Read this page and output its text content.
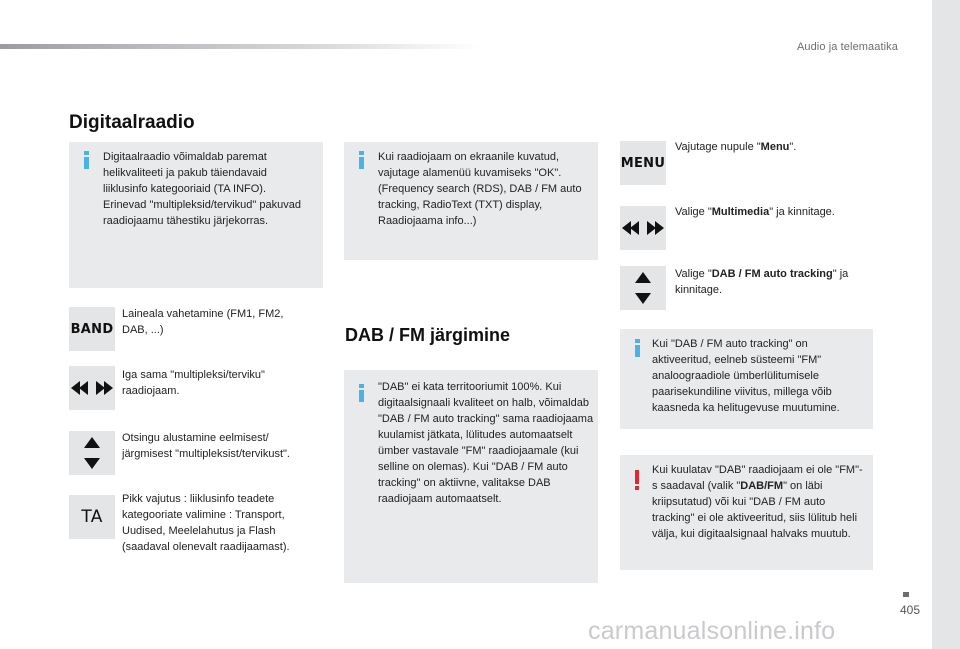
Audio ja telemaatika
Digitaalraadio
Digitaalraadio võimaldab paremat helikvaliteeti ja pakub täiendavaid liiklusinfo kategooriaid (TA INFO). Erinevad "multipleksid/tervikud" pakuvad raadiojaamu tähestiku järjekorras.
Kui raadiojaam on ekraanile kuvatud, vajutage alamenüü kuvamiseks "OK". (Frequency search (RDS), DAB / FM auto tracking, RadioText (TXT) display, Raadiojaama info...)
BAND
Laineala vahetamine (FM1, FM2, DAB, ...)
Iga sama "multipleksi/terviku" raadiojaam.
Otsingu alustamine eelmisest/ järgmisest "multipleksist/tervikust".
TA
Pikk vajutus : liiklusinfo teadete kategooriate valimine : Transport, Uudised, Meelelahutus ja Flash (saadaval olenevalt raadijaamast).
DAB / FM järgimine
"DAB" ei kata territooriumit 100%. Kui digitaalsignaali kvaliteet on halb, võimaldab "DAB / FM auto tracking" sama raadiojaama kuulamist jätkata, lülitudes automaatselt ümber vastavale "FM" raadiojaamale (kui selline on olemas). Kui "DAB / FM auto tracking" on aktiivne, valitakse DAB raadiojaam automaatselt.
MENU
Vajutage nupule "Menu".
Valige "Multimedia" ja kinnitage.
Valige "DAB / FM auto tracking" ja kinnitage.
Kui "DAB / FM auto tracking" on aktiveeritud, eelneb süsteemi "FM" analoograadiole ümberlülitumisele paarisekundiline viivitus, millega võib kaasneda ka helitugevuse muutumine.
Kui kuulatav "DAB" raadiojaam ei ole "FM"-s saadaval (valik "DAB/FM" on läbi kriipsutatud) või kui "DAB / FM auto tracking" ei ole aktiveeritud, siis lülitub heli välja, kui digitaalsignaal halvaks muutub.
405
carmanualsonline.info
